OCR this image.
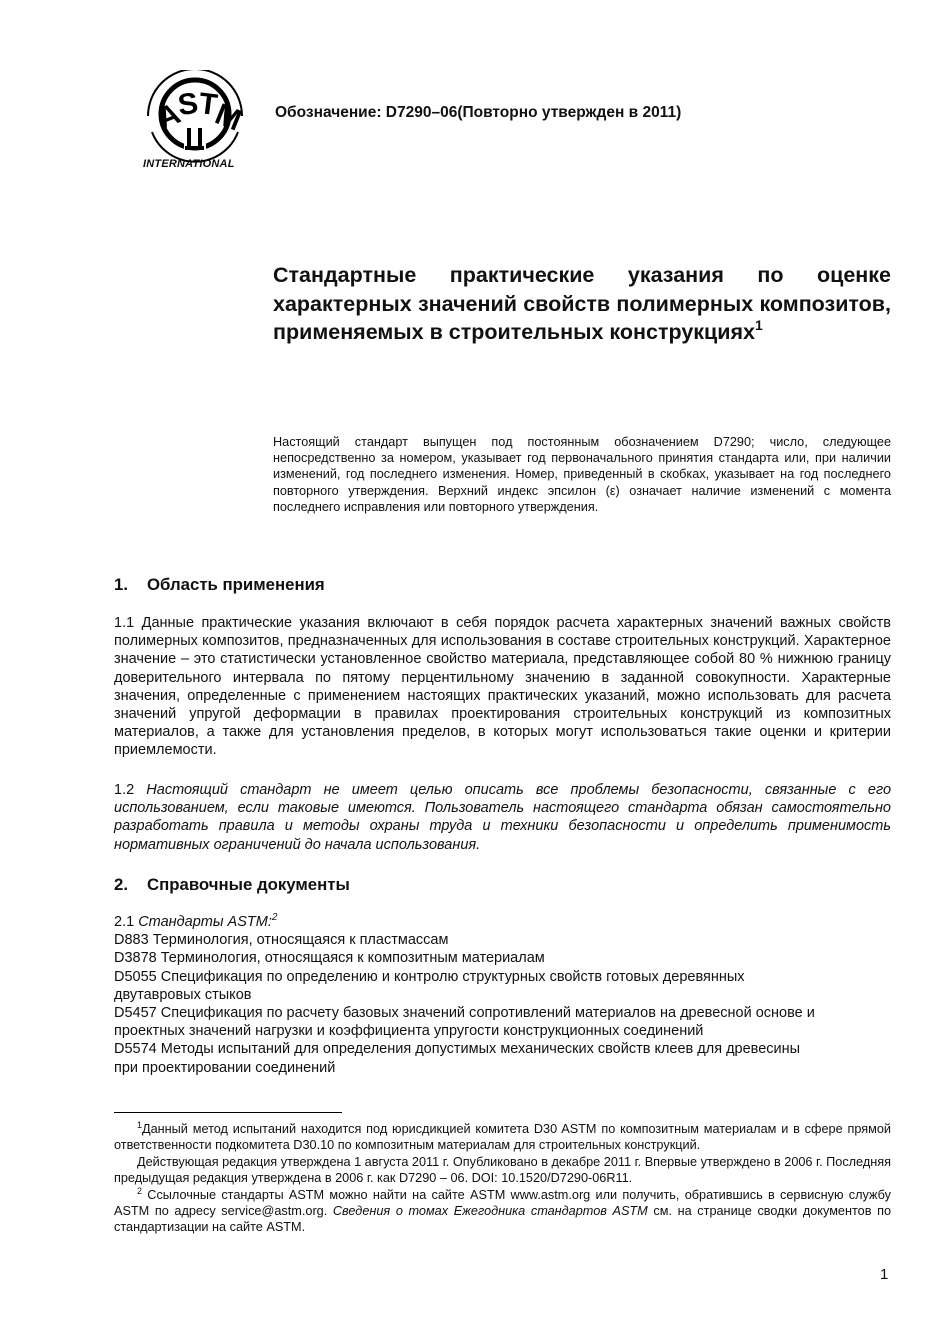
A
S
T
M
INTERNATIONAL
Обозначение: D7290–06(Повторно утвержден в 2011)
Стандартные практические указания по оценке характерных значений свойств полимерных композитов, применяемых в строительных конструкциях$^1$
Настоящий стандарт выпущен под постоянным обозначением D7290; число, следующее непосредственно за номером, указывает год первоначального принятия стандарта или, при наличии изменений, год последнего изменения. Номер, приведенный в скобках, указывает на год последнего повторного утверждения. Верхний индекс эпсилон (ε) означает наличие изменений с момента последнего исправления или повторного утверждения.
1. Область применения
1.1 Данные практические указания включают в себя порядок расчета характерных значений важных свойств полимерных композитов, предназначенных для использования в составе строительных конструкций. Характерное значение – это статистически установленное свойство материала, представляющее собой 80 % нижнюю границу доверительного интервала по пятому перцентильному значению в заданной совокупности. Характерные значения, определенные с применением настоящих практических указаний, можно использовать для расчета значений упругой деформации в правилах проектирования строительных конструкций из композитных материалов, а также для установления пределов, в которых могут использоваться такие оценки и критерии приемлемости.
1.2 Настоящий стандарт не имеет целью описать все проблемы безопасности, связанные с его использованием, если таковые имеются. Пользователь настоящего стандарта обязан самостоятельно разработать правила и методы охраны труда и техники безопасности и определить применимость нормативных ограничений до начала использования.
2. Справочные документы
2.1 Стандарты ASTM:$^2$
D883 Терминология, относящаяся к пластмассам
D3878 Терминология, относящаяся к композитным материалам
D5055 Спецификация по определению и контролю структурных свойств готовых деревянных
двутавровых стыков
D5457 Спецификация по расчету базовых значений сопротивлений материалов на древесной основе и
проектных значений нагрузки и коэффициента упругости конструкционных соединений
D5574 Методы испытаний для определения допустимых механических свойств клеев для древесины
при проектировании соединений

$^1$Данный метод испытаний находится под юрисдикцией комитета D30 ASTM по композитным материалам и в сфере прямой ответственности подкомитета D30.10 по композитным материалам для строительных конструкций.

Действующая редакция утверждена 1 августа 2011 г. Опубликовано в декабре 2011 г. Впервые утверждено в 2006 г. Последняя предыдущая редакция утверждена в 2006 г. как D7290 – 06. DOI: 10.1520/D7290-06R11.

$^2$ Ссылочные стандарты ASTM можно найти на сайте ASTM www.astm.org или получить, обратившись в сервисную службу ASTM по адресу service@astm.org. Сведения о томах Ежегодника стандартов ASTM см. на странице сводки документов по стандартизации на сайте ASTM.

1
